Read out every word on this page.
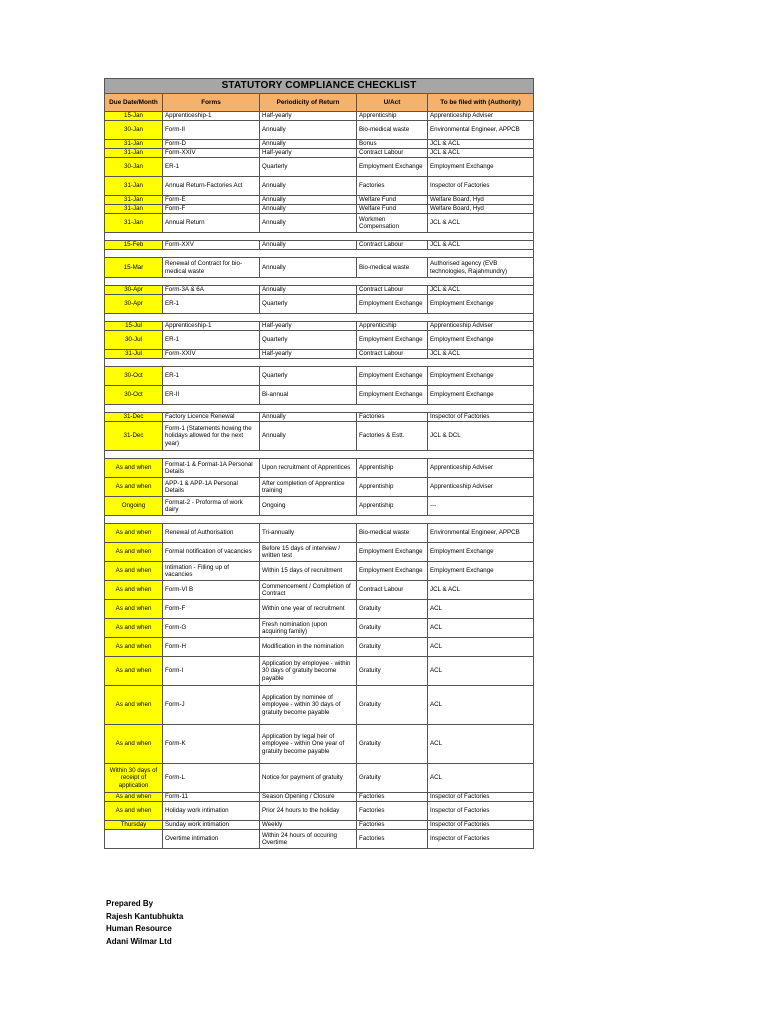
STATUTORY COMPLIANCE CHECKLIST				
Due Date/Month	Forms	Periodicity of Return	U/Act	To be filed with (Authority)
15-Jan	Apprenticeship-1	Half-yearly	Apprenticship	Apprenticeship Adviser
30-Jan	Form-II	Annually	Bio-medical waste	Environmental Engineer, APPCB
31-Jan	Form-D	Annually	Bonus	JCL & ACL
31-Jan	Form-XXIV	Half-yearly	Contract Labour	JCL & ACL
30-Jan	ER-1	Quarterly	Employment Exchange	Employment Exchange
31-Jan	Annual Return-Factories Act	Annually	Factories	Inspector of Factories
31-Jan	Form-E	Annually	Welfare Fund	Welfare Board, Hyd
31-Jan	Form-F	Annually	Welfare Fund	Welfare Board, Hyd
31-Jan	Annual Return	Annually	Workmen Compensation	JCL & ACL

15-Feb	Form-XXV	Annually	Contract Labour	JCL & ACL

15-Mar	Renewal of Contract for bio-medical waste	Annually	Bio-medical waste	Authorised agency (EVB technologies, Rajahmundry)

30-Apr	Form-3A & 6A	Annually	Contract Labour	JCL & ACL
30-Apr	ER-1	Quarterly	Employment Exchange	Employment Exchange

15-Jul	Apprenticeship-1	Half-yearly	Apprenticship	Apprenticeship Adviser
30-Jul	ER-1	Quarterly	Employment Exchange	Employment Exchange
31-Jul	Form-XXIV	Half-yearly	Contract Labour	JCL & ACL

30-Oct	ER-1	Quarterly	Employment Exchange	Employment Exchange
30-Oct	ER-II	Bi-annual	Employment Exchange	Employment Exchange

31-Dec	Factory Licence Renewal	Annually	Factories	Inspector of Factories
31-Dec	Form-1 (Statements howing the holidays allowed for the next year)	Annually	Factories & Estt.	JCL & DCL

As and when	Format-1 & Format-1A Personal Details	Upon recruitment of Apprentices	Apprentiship	Apprenticeship Adviser
As and when	APP-1 & APP-1A Personal Details	After completion of Apprentice training	Apprentiship	Apprenticeship Adviser
Ongoing	Format-2 - Proforma of work dairy	Ongoing	Apprentiship	---

As and when	Renewal of Authorisation	Tri-annually	Bio-medical waste	Environmental Engineer, APPCB
As and when	Formal notification of vacancies	Before 15 days of interview / written test	Employment Exchange	Employment Exchange
As and when	Intimation - Filling up of vacancies	Within 15 days of recruitment	Employment Exchange	Employment Exchange
As and when	Form-VI B	Commencement / Completion of Contract	Contract Labour	JCL & ACL
As and when	Form-F	Within one year of recruitment	Gratuity	ACL
As and when	Form-G	Fresh nomination (upon acquiring family)	Gratuity	ACL
As and when	Form-H	Modification in the nomination	Gratuity	ACL
As and when	Form-I	Application by employee - within 30 days of gratuity become payable	Gratuity	ACL
As and when	Form-J	Application by nominee of employee - within 30 days of gratuity become payable	Gratuity	ACL
As and when	Form-K	Application by legal heir of employee - within One year of gratuity become payable	Gratuity	ACL
Within 30 days of receipt of application	Form-L	Notice for payment of gratuity	Gratuity	ACL
As and when	Form-11	Season Opening / Closure	Factories	Inspector of Factories
As and when	Holiday work intimation	Prior 24 hours to the holiday	Factories	Inspector of Factories
Thursday	Sunday work intimation	Weekly	Factories	Inspector of Factories
	Overtime intimation	Within 24 hours of occuring Overtime	Factories	Inspector of Factories
Prepared By
Rajesh Kantubhukta
Human Resource
Adani Wilmar Ltd
